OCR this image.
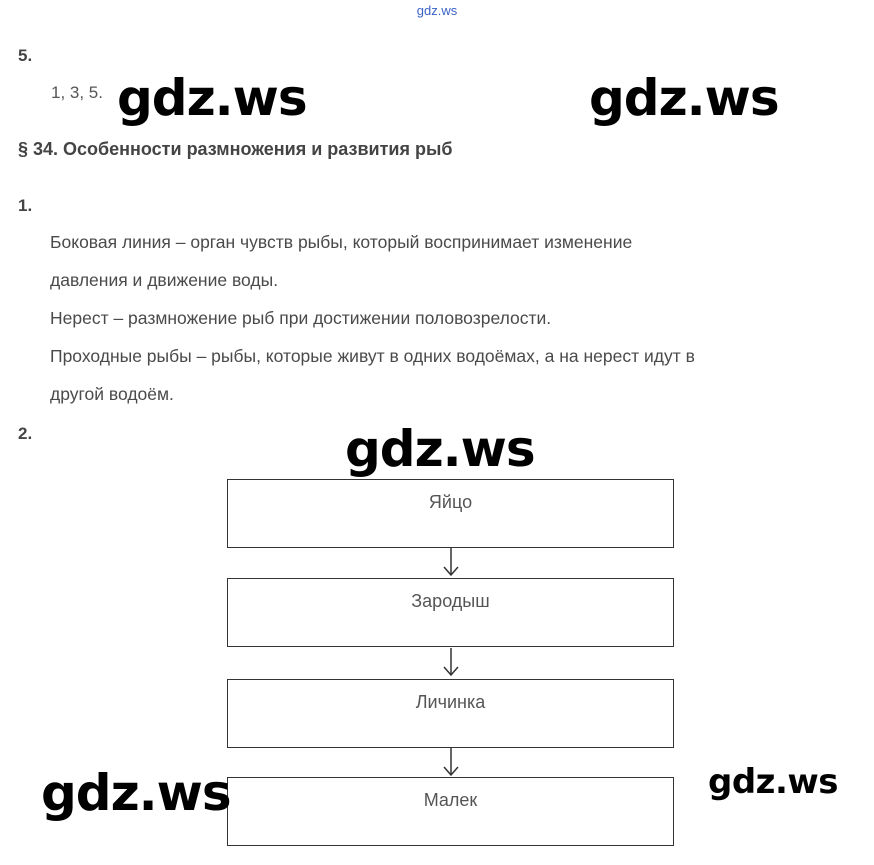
gdz.ws
5.
1, 3, 5.
§ 34. Особенности размножения и развития рыб
1.
Боковая линия – орган чувств рыбы, который воспринимает изменение
давления и движение воды.
Нерест – размножение рыб при достижении половозрелости.
Проходные рыбы – рыбы, которые живут в одних водоёмах, а на нерест идут в
другой водоём.
2.
Яйцо
Зародыш
Личинка
Малек
gdz.ws	gdz.ws
gdz.ws
gdz.ws	gdz.ws
